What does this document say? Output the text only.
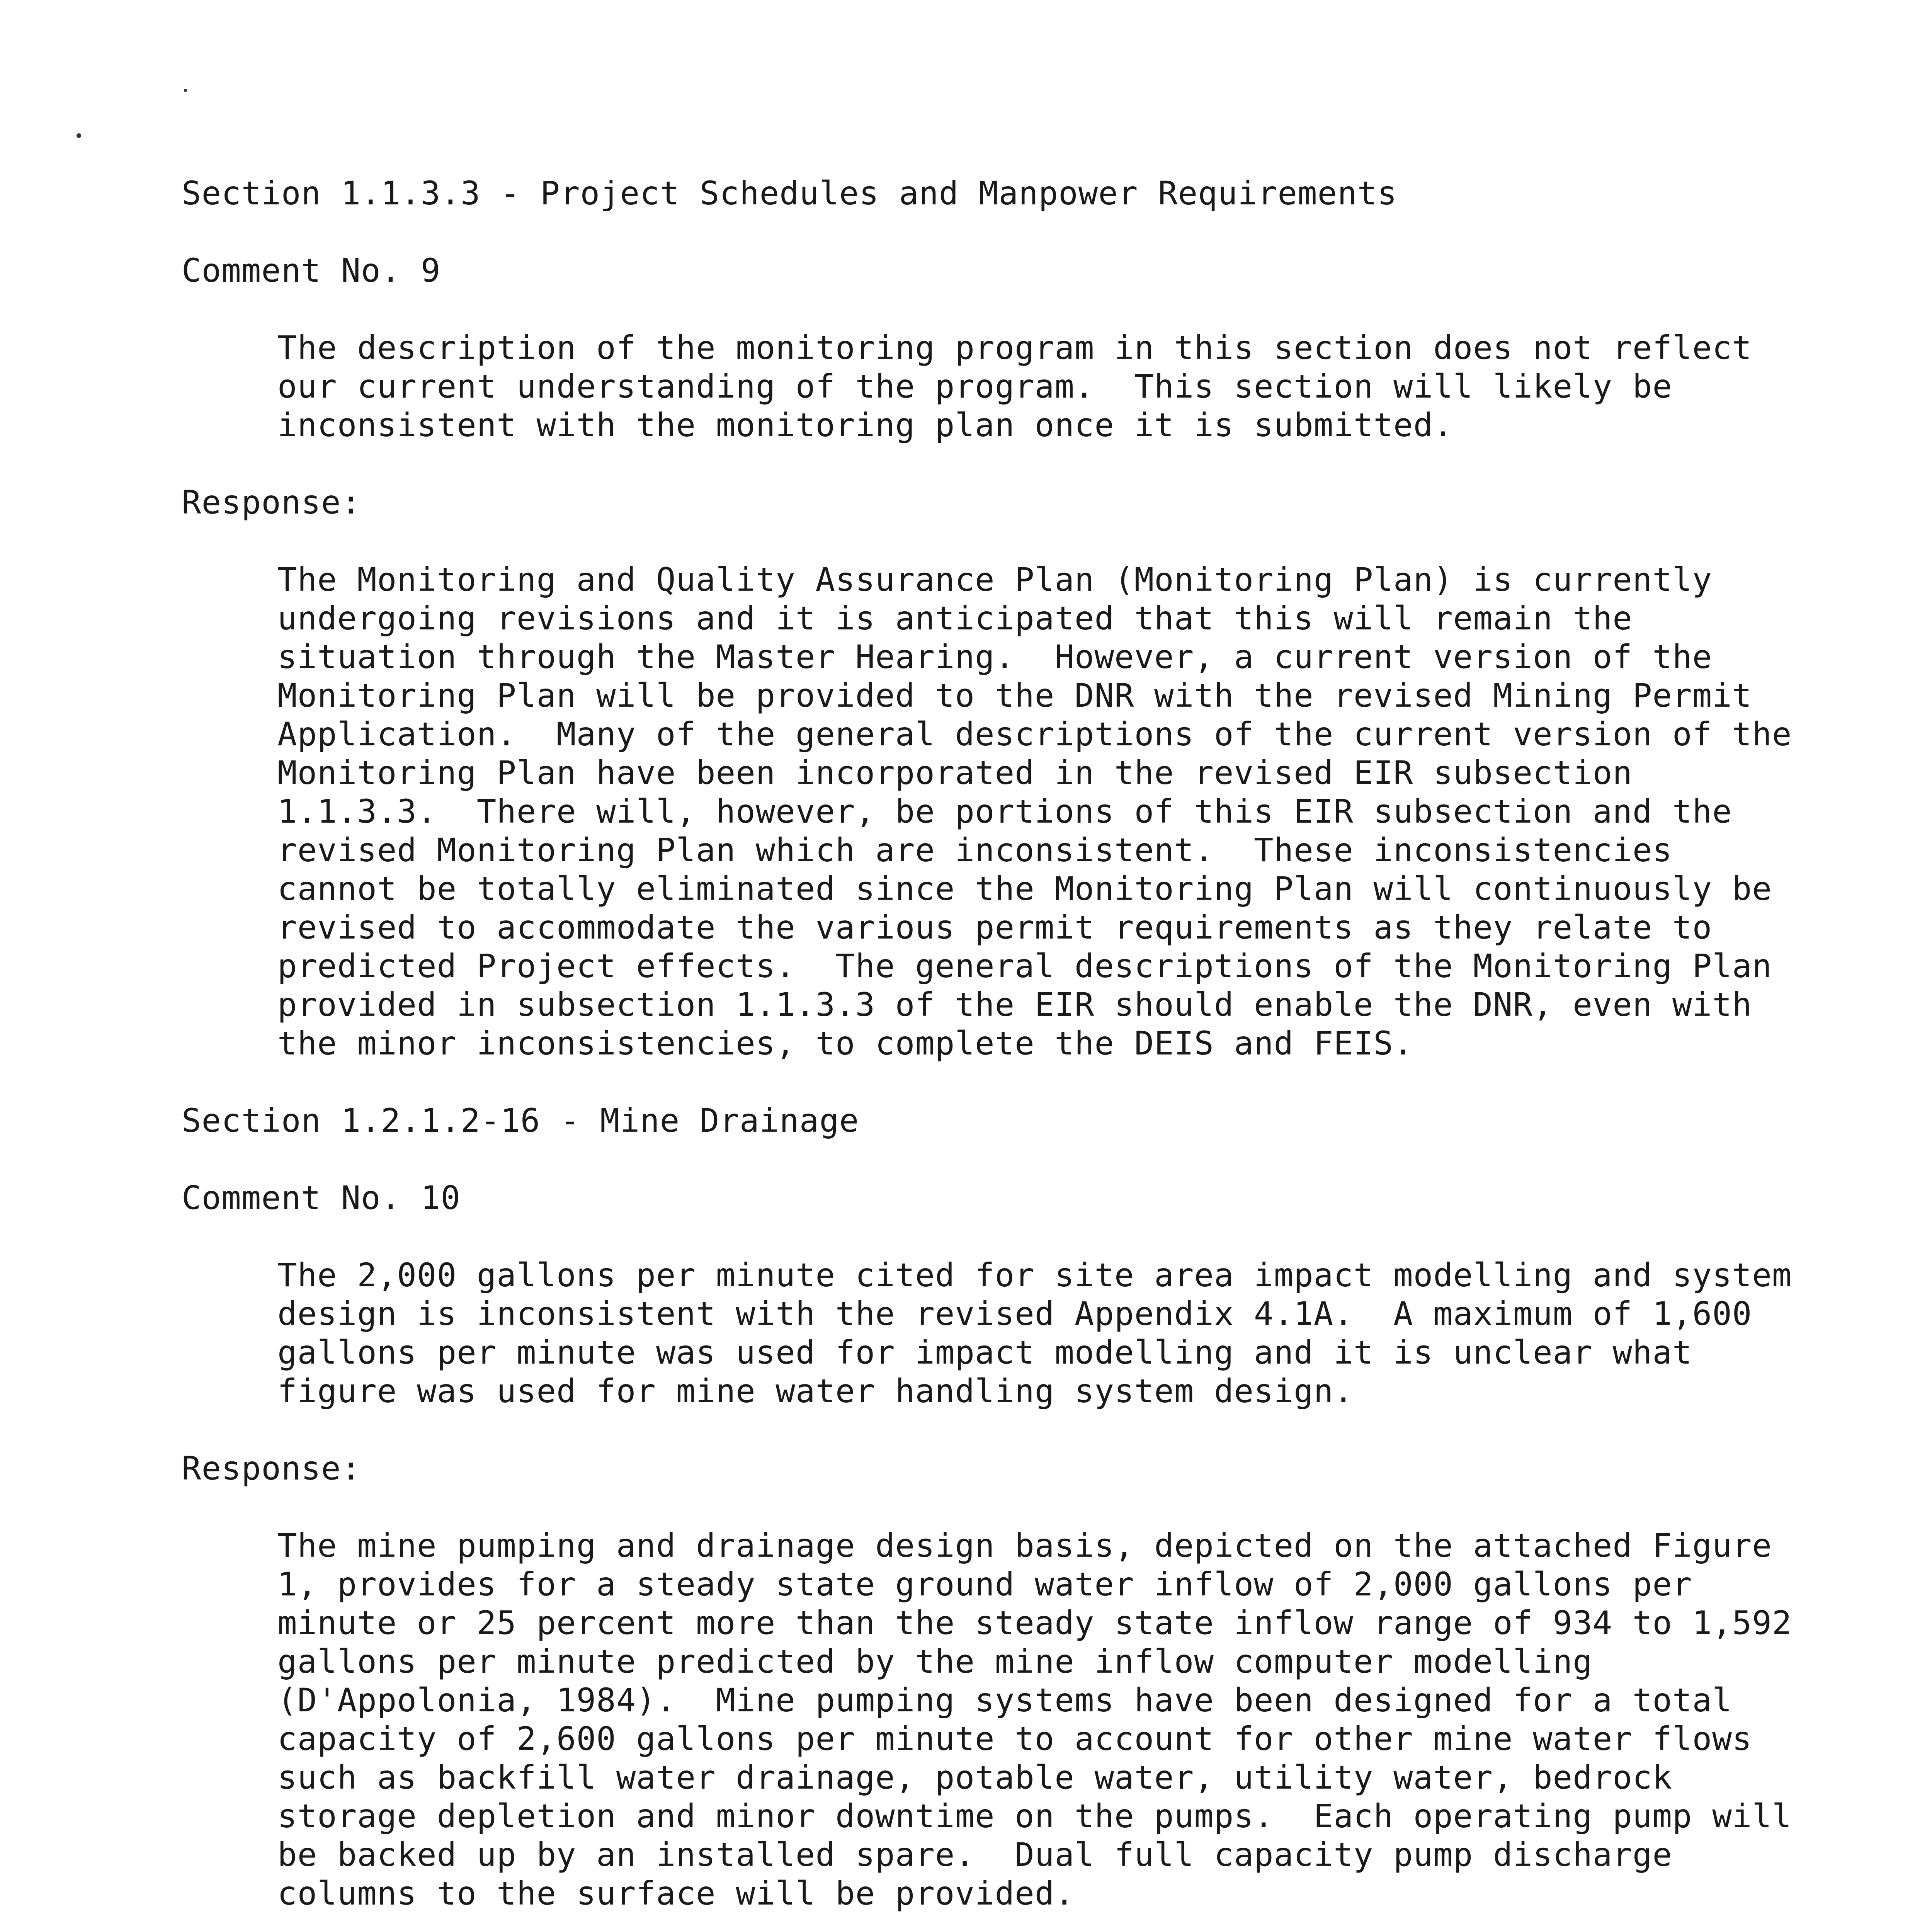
Section 1.1.3.3 - Project Schedules and Manpower Requirements

Comment No. 9

The description of the monitoring program in this section does not reflect

our current understanding of the program.  This section will likely be

inconsistent with the monitoring plan once it is submitted.

Response:

The Monitoring and Quality Assurance Plan (Monitoring Plan) is currently

undergoing revisions and it is anticipated that this will remain the

situation through the Master Hearing.  However, a current version of the

Monitoring Plan will be provided to the DNR with the revised Mining Permit

Application.  Many of the general descriptions of the current version of the

Monitoring Plan have been incorporated in the revised EIR subsection

1.1.3.3.  There will, however, be portions of this EIR subsection and the

revised Monitoring Plan which are inconsistent.  These inconsistencies

cannot be totally eliminated since the Monitoring Plan will continuously be

revised to accommodate the various permit requirements as they relate to

predicted Project effects.  The general descriptions of the Monitoring Plan

provided in subsection 1.1.3.3 of the EIR should enable the DNR, even with

the minor inconsistencies, to complete the DEIS and FEIS.

Section 1.2.1.2-16 - Mine Drainage

Comment No. 10

The 2,000 gallons per minute cited for site area impact modelling and system

design is inconsistent with the revised Appendix 4.1A.  A maximum of 1,600

gallons per minute was used for impact modelling and it is unclear what

figure was used for mine water handling system design.

Response:

The mine pumping and drainage design basis, depicted on the attached Figure

1, provides for a steady state ground water inflow of 2,000 gallons per

minute or 25 percent more than the steady state inflow range of 934 to 1,592

gallons per minute predicted by the mine inflow computer modelling

(D'Appolonia, 1984).  Mine pumping systems have been designed for a total

capacity of 2,600 gallons per minute to account for other mine water flows

such as backfill water drainage, potable water, utility water, bedrock

storage depletion and minor downtime on the pumps.  Each operating pump will

be backed up by an installed spare.  Dual full capacity pump discharge

columns to the surface will be provided.
